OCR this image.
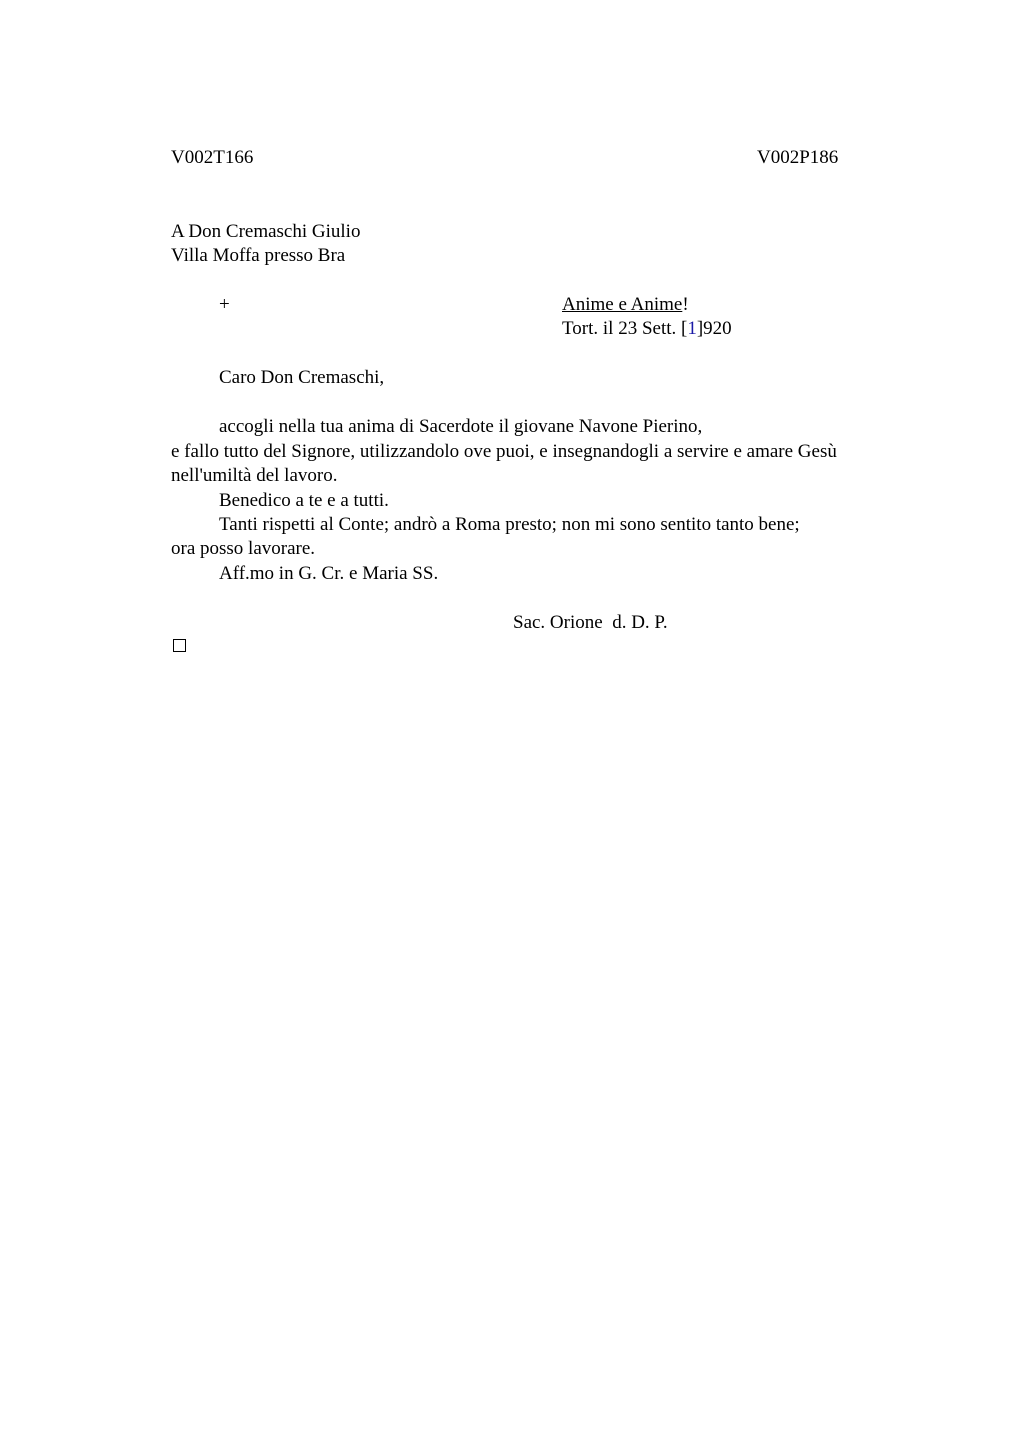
V002T166	V002P186
A Don Cremaschi Giulio
Villa Moffa presso Bra
+	Anime e Anime!
Tort. il 23 Sett. [1]920
Caro Don Cremaschi,
accogli nella tua anima di Sacerdote il giovane Navone Pierino,
e fallo tutto del Signore, utilizzandolo ove puoi, e insegnandogli a servire e amare Gesù
nell'umiltà del lavoro.
Benedico a te e a tutti.
Tanti rispetti al Conte; andrò a Roma presto; non mi sono sentito tanto bene;
ora posso lavorare.
Aff.mo in G. Cr. e Maria SS.
Sac. Orione  d. D. P.
